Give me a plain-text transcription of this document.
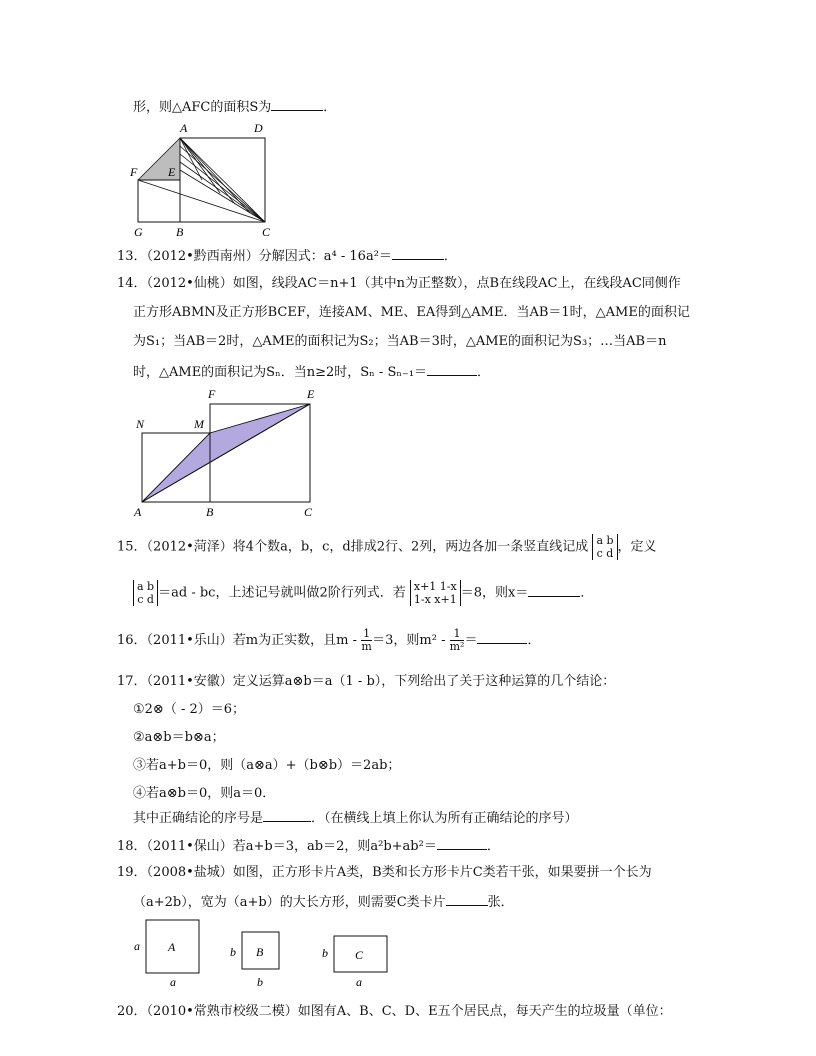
形，则△AFC的面积S为	．
A	D
F	E
G	B	C
13．（2012•黔西南州）分解因式：a⁴ - 16a²＝	．
14．（2012•仙桃）如图，线段AC＝n+1（其中n为正整数），点B在线段AC上，在线段AC同侧作
正方形ABMN及正方形BCEF，连接AM、ME、EA得到△AME．当AB＝1时，△AME的面积记
为S₁；当AB＝2时，△AME的面积记为S₂；当AB＝3时，△AME的面积记为S₃；…当AB＝n
时，△AME的面积记为Sₙ．当n≥2时，Sₙ - Sₙ₋₁＝	．
F	E
N	M
A	B	C
15．（2012•菏泽）将4个数a，b，c，d排成2行、2列，两边各加一条竖直线记成 a b
c d ，定义
a b
c d ＝ad - bc，上述记号就叫做2阶行列式．若 x+1 1-x
1-x x+1 ＝8，则x＝	．
16．（2011•乐山）若m为正实数，且$m - \frac{1}{m} =3$，则$m^2 - \frac{1}{\text{m²}}$ ＝	．
17．（2011•安徽）定义运算a⊗b＝a（1 - b），下列给出了关于这种运算的几个结论：
①2⊗（ - 2）＝6；
②a⊗b＝b⊗a；
③若a+b＝0，则（a⊗a）+（b⊗b）＝2ab；
④若a⊗b＝0，则a＝0．
其中正确结论的序号是	．（在横线上填上你认为所有正确结论的序号）
18．（2011•保山）若a+b＝3，ab＝2，则a²b+ab²＝	．
19．（2008•盐城）如图，正方形卡片A类，B类和长方形卡片C类若干张，如果要拼一个长为
（a+2b），宽为（a+b）的大长方形，则需要C类卡片	张．
A
a
a
B
b
b
C
b
a
20．（2010•常熟市校级二模）如图有A、B、C、D、E五个居民点，每天产生的垃圾量（单位：
